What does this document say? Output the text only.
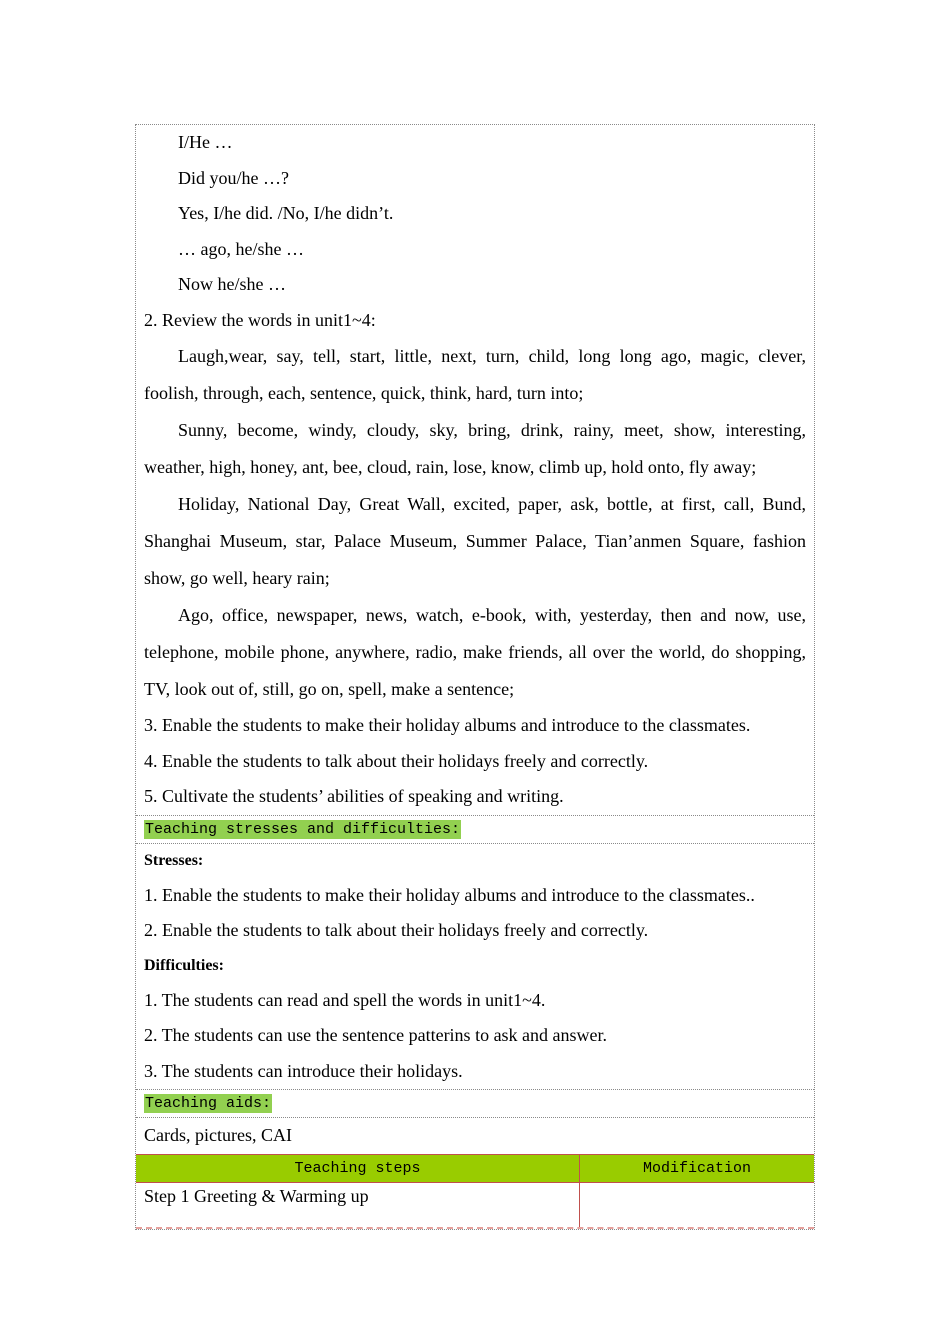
I/He …

Did you/he …?

Yes, I/he did. /No, I/he didn’t.

… ago, he/she …

Now he/she …

2. Review the words in unit1~4:

Laugh,wear, say, tell, start, little, next, turn, child, long long ago, magic, clever, foolish, through, each, sentence, quick, think, hard, turn into;

Sunny, become, windy, cloudy, sky, bring, drink, rainy, meet, show, interesting, weather, high, honey, ant, bee, cloud, rain, lose, know, climb up, hold onto, fly away;

Holiday, National Day, Great Wall, excited, paper, ask, bottle, at first, call, Bund, Shanghai Museum, star, Palace Museum, Summer Palace, Tian’anmen Square, fashion show, go well, heary rain;

Ago, office, newspaper, news, watch, e-book, with, yesterday, then and now, use, telephone, mobile phone, anywhere, radio, make friends, all over the world, do shopping, TV, look out of, still, go on, spell, make a sentence;

3. Enable the students to make their holiday albums and introduce to the classmates.

4. Enable the students to talk about their holidays freely and correctly.

5. Cultivate the students’ abilities of speaking and writing.

Teaching stresses and difficulties:
Stresses:

1. Enable the students to make their holiday albums and introduce to the classmates..

2. Enable the students to talk about their holidays freely and correctly.

Difficulties:

1. The students can read and spell the words in unit1~4.

2. The students can use the sentence patterins to ask and answer.

3. The students can introduce their holidays.

Teaching aids:

Cards, pictures, CAI

Teaching steps	Modification

Step 1 Greeting & Warming up
